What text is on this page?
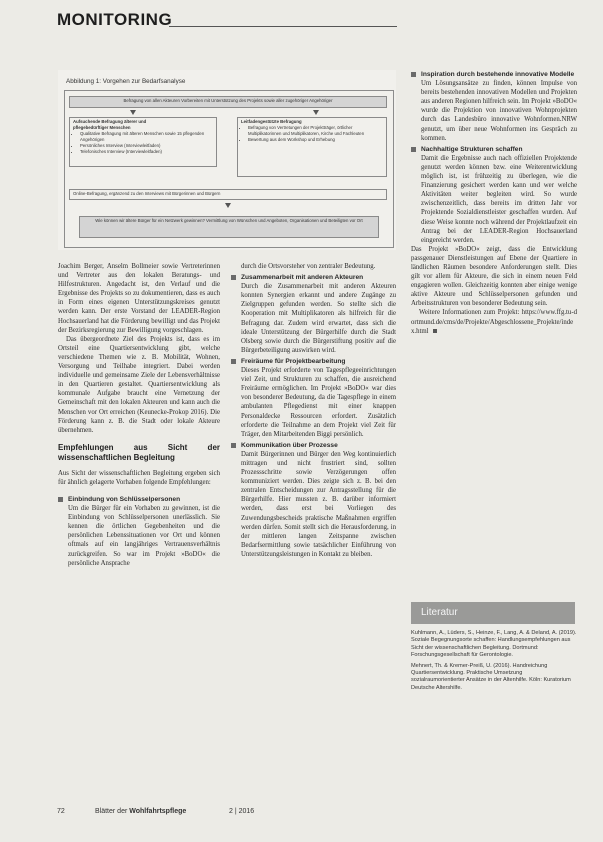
MONITORING
Abbildung 1: Vorgehen zur Bedarfsanalyse
Befragung von allen Akteuren Vorbereiten mit Unterstützung des Projekts sowie aller zugehöriger Angehöriger
Aufsuchende Befragung älterer und
pflegebedürftiger Menschen
• Qualitative Befragung mit älteren Menschen sowie 15 pflegenden Angehörigen
• Persönliches Interview (Interviewleitfaden)
• Telefonisches Interview (Interviewleitfaden)
Leitfadengestützte Befragung
• Befragung von Vertretungen der Projektträger, örtlicher Multiplikatorinnen und Multiplikatoren, Kirche und Fachleuten
• Bewertung aus dem Workshop und Erhebung
Online-Befragung, ergänzend zu den Interviews mit Bürgerinnen und Bürgern
Wie können wir ältere Bürger für ein Netzwerk gewinnen? Vermittlung von Wünschen und Angeboten, Organisationen und Beteiligten vor Ort

Joachim Berger, Anselm Bollmeier sowie Vertreterinnen und Vertreter aus den lokalen Beratungs- und Hilfestrukturen. Angedacht ist, den Verlauf und die Ergebnisse des Projekts so zu dokumentieren, dass es auch in Form eines eigenen Unterstützungskreises genutzt werden kann. Der erste Vorstand der LEADER-Region Hochsauerland hat die Förderung bewilligt und das Projekt der Bezirksregierung zur Bewilligung vorgeschlagen.

Das übergeordnete Ziel des Projekts ist, dass es im Ortsteil eine Quartiersentwicklung gibt, welche verschiedene Themen wie z. B. Mobilität, Wohnen, Versorgung und Teilhabe integriert. Dabei werden individuelle und gemeinsame Ziele der Lebensverhältnisse in den Quartieren gestaltet. Quartiersentwicklung als kommunale Aufgabe braucht eine Vernetzung der Gemeinschaft mit den lokalen Akteuren und kann auch die Menschen vor Ort erreichen (Keunecke-Prokop 2016). Die Förderung kann z. B. die Stadt oder lokale Akteure übernehmen.

Empfehlungen aus Sicht der wissenschaftlichen Begleitung

Aus Sicht der wissenschaftlichen Begleitung ergeben sich für ähnlich gelagerte Vorhaben folgende Empfehlungen:

Einbindung von Schlüsselpersonen
Um die Bürger für ein Vorhaben zu gewinnen, ist die Einbindung von Schlüsselpersonen unerlässlich. Sie kennen die örtlichen Gegebenheiten und die persönlichen Lebenssituationen vor Ort und können oftmals auf ein langjähriges Vertrauensverhältnis zurückgreifen. So war im Projekt »BoDO« die persönliche Ansprache

durch die Ortsvorsteher von zentraler Bedeutung.

Zusammenarbeit mit anderen Akteuren
Durch die Zusammenarbeit mit anderen Akteuren konnten Synergien erkannt und andere Zugänge zu Zielgruppen gefunden werden. So stellte sich die Kooperation mit Multiplikatoren als hilfreich für die Befragung dar. Zudem wird erwartet, dass sich die ideale Unterstützung der Bürgerhilfe durch die Stadt Olsberg sowie durch die Bürgerstiftung positiv auf die Bürgerbeteiligung auswirken wird.
Freiräume für Projektbearbeitung
Dieses Projekt erforderte von Tagespflegeeinrichtungen viel Zeit, und Strukturen zu schaffen, die ausreichend Freiräume ermöglichen. Im Projekt »BoDO« war dies von besonderer Bedeutung, da die Tagespflege in einem ambulanten Pflegedienst mit einer knappen Personaldecke Ressourcen erfordert. Zusätzlich erforderte die Teilnahme an dem Projekt viel Zeit für Träger, den Mitarbeitenden Biggi persönlich.
Kommunikation über Prozesse
Damit Bürgerinnen und Bürger den Weg kontinuierlich mittragen und nicht frustriert sind, sollten Prozessschritte sowie Verzögerungen offen kommuniziert werden. Dies zeigte sich z. B. bei den zentralen Entscheidungen zur Antragsstellung für die Bürgerhilfe. Hier mussten z. B. darüber informiert werden, dass erst bei Vorliegen des Zuwendungsbescheids praktische Maßnahmen ergriffen werden dürfen. Somit stellt sich die Herausforderung, in der mittleren langen Zeitspanne zwischen Bedarfsermittlung sowie tatsächlicher Einführung von Unterstützungsleistungen in Kontakt zu bleiben.
Inspiration durch bestehende innovative Modelle
Um Lösungsansätze zu finden, können Impulse von bereits bestehenden innovativen Modellen und Projekten aus anderen Regionen hilfreich sein. Im Projekt »BoDO« wurde die Projektion von innovativen Wohnprojekten durch das Landesbüro innovative Wohnformen.NRW genutzt, um über neue Wohnformen ins Gespräch zu kommen.
Nachhaltige Strukturen schaffen
Damit die Ergebnisse auch nach offiziellen Projektende genutzt werden können bzw. eine Weiterentwicklung möglich ist, ist frühzeitig zu überlegen, wie die Finanzierung gesichert werden kann und wer welche Aktivitäten weiter begleiten wird. So wurde zwischenzeitlich, dass bereits im dritten Jahr vor Projektende Sozialdienstleister geschaffen wurden. Auf diese Weise konnte noch während der Projektlaufzeit ein Antrag bei der LEADER-Region Hochsauerland eingereicht werden.

Das Projekt »BoDO« zeigt, dass die Entwicklung passgenauer Dienstleistungen auf Ebene der Quartiere in ländlichen Räumen besondere Anforderungen stellt. Dies gilt vor allem für Akteure, die sich in einem neuen Feld engagieren wollen. Gleichzeitig konnten aber einige wenige aktive Akteure und Schlüsselpersonen gefunden und Arbeitsstrukturen von besonderer Bedeutung sein.

Weitere Informationen zum Projekt: https://www.ffg.tu-dortmund.de/cms/de/Projekte/Abgeschlossene_Projekte/index.html

Literatur

Kuhlmann, A., Lüders, S., Heinze, F., Lang, A. & Deland, A. (2019). Soziale Begegnungsorte schaffen: Handlungsempfehlungen aus Sicht der wissenschaftlichen Begleitung. Dortmund: Forschungsgesellschaft für Gerontologie.

Mehnert, Th. & Kremer-Preiß, U. (2016). Handreichung Quartiersentwicklung. Praktische Umsetzung sozialraumorientierter Ansätze in der Altenhilfe. Köln: Kuratorium Deutsche Altershilfe.

72	Blätter der Wohlfahrtspflege	2 | 2016
